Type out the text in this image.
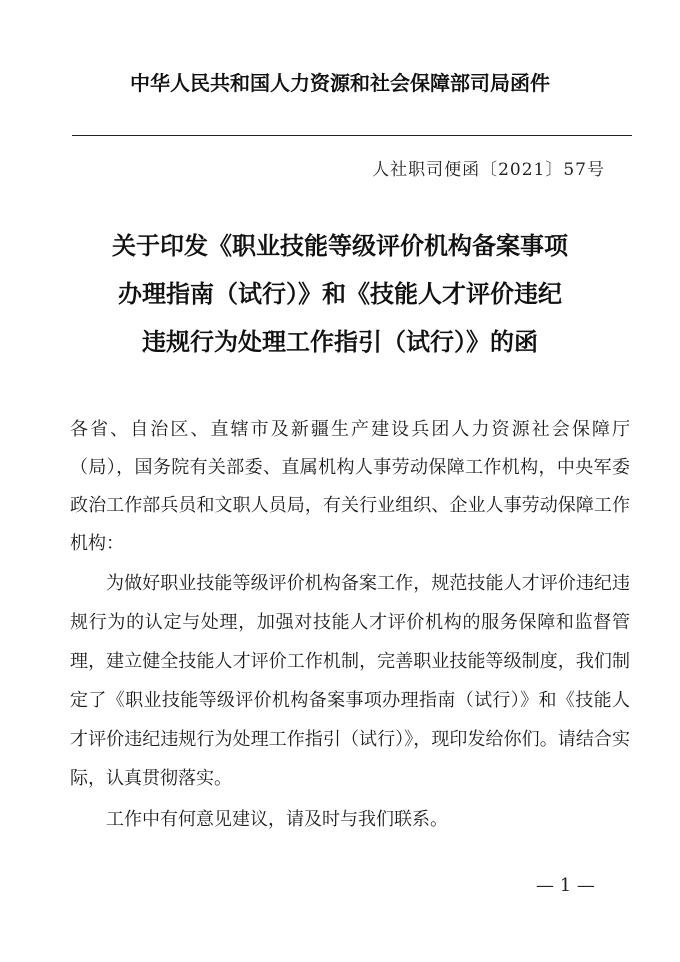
中华人民共和国人力资源和社会保障部司局函件
人社职司便函〔2021〕57号
关于印发《职业技能等级评价机构备案事项
办理指南（试行）》和《技能人才评价违纪
违规行为处理工作指引（试行）》的函
各省、自治区、直辖市及新疆生产建设兵团人力资源社会保障厅（局），国务院有关部委、直属机构人事劳动保障工作机构，中央军委政治工作部兵员和文职人员局，有关行业组织、企业人事劳动保障工作机构：
为做好职业技能等级评价机构备案工作，规范技能人才评价违纪违规行为的认定与处理，加强对技能人才评价机构的服务保障和监督管理，建立健全技能人才评价工作机制，完善职业技能等级制度，我们制定了《职业技能等级评价机构备案事项办理指南（试行）》和《技能人才评价违纪违规行为处理工作指引（试行）》，现印发给你们。请结合实际，认真贯彻落实。
工作中有何意见建议，请及时与我们联系。
— 1 —
